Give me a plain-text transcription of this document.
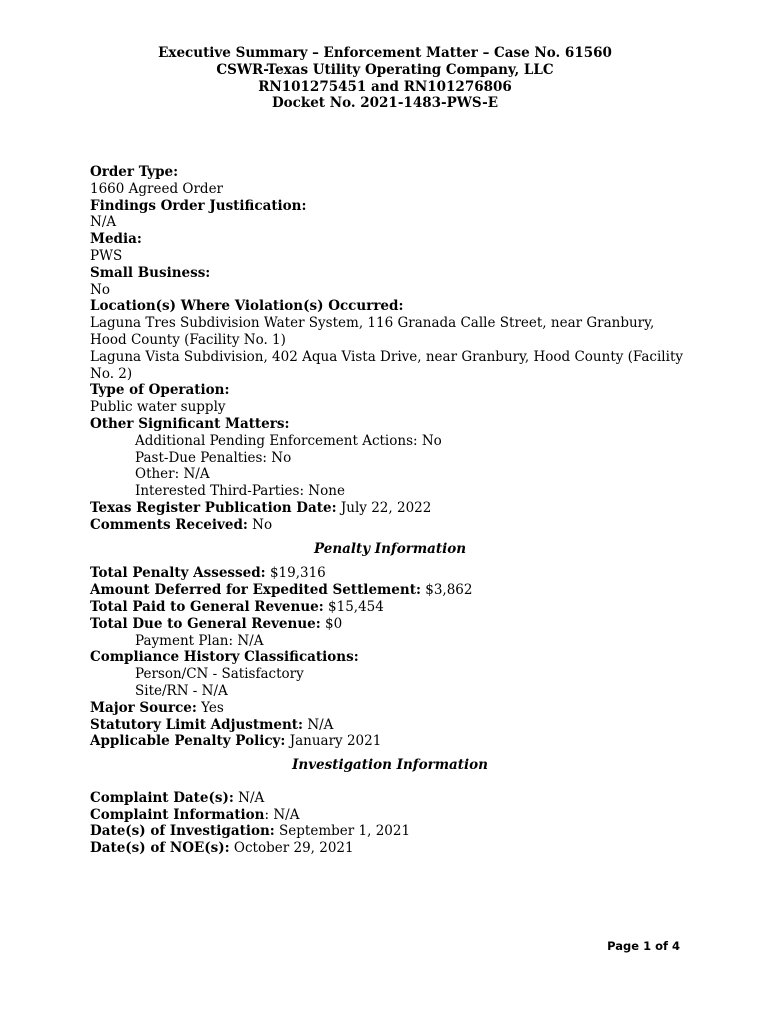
Executive Summary – Enforcement Matter – Case No. 61560
CSWR-Texas Utility Operating Company, LLC
RN101275451 and RN101276806
Docket No. 2021-1483-PWS-E
Order Type:
1660 Agreed Order
Findings Order Justification:
N/A
Media:
PWS
Small Business:
No
Location(s) Where Violation(s) Occurred:
Laguna Tres Subdivision Water System, 116 Granada Calle Street, near Granbury, Hood County (Facility No. 1)
Laguna Vista Subdivision, 402 Aqua Vista Drive, near Granbury, Hood County (Facility No. 2)
Type of Operation:
Public water supply
Other Significant Matters:
Additional Pending Enforcement Actions: No
Past-Due Penalties: No
Other: N/A
Interested Third-Parties: None
Texas Register Publication Date: July 22, 2022
Comments Received: No
Penalty Information
Total Penalty Assessed: $19,316
Amount Deferred for Expedited Settlement: $3,862
Total Paid to General Revenue: $15,454
Total Due to General Revenue: $0
Payment Plan: N/A
Compliance History Classifications:
Person/CN - Satisfactory
Site/RN - N/A
Major Source: Yes
Statutory Limit Adjustment: N/A
Applicable Penalty Policy: January 2021
Investigation Information
Complaint Date(s): N/A
Complaint Information: N/A
Date(s) of Investigation: September 1, 2021
Date(s) of NOE(s): October 29, 2021
Page 1 of 4
